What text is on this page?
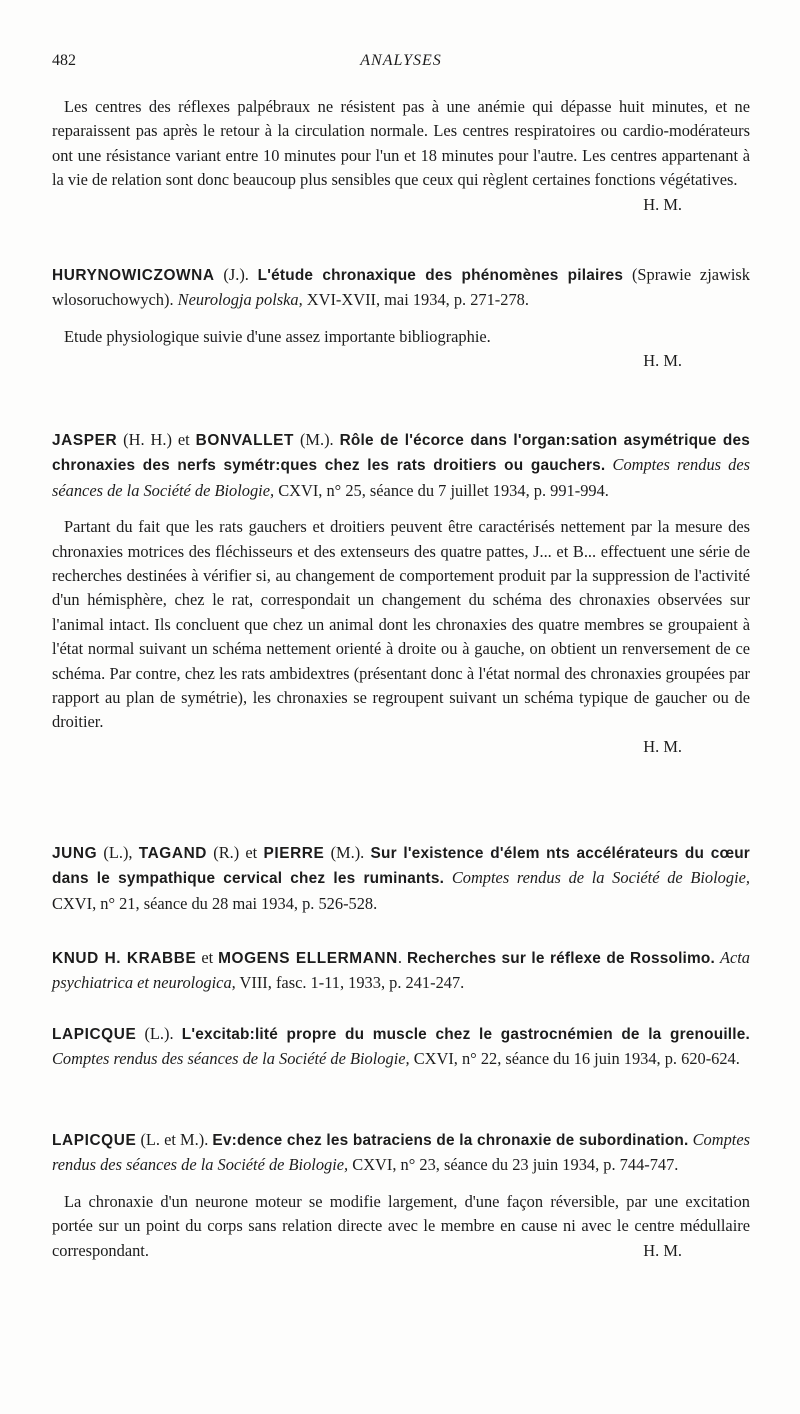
482	ANALYSES

Les centres des réflexes palpébraux ne résistent pas à une anémie qui dépasse huit minutes, et ne reparaissent pas après le retour à la circulation normale. Les centres respiratoires ou cardio-modérateurs ont une résistance variant entre 10 minutes pour l'un et 18 minutes pour l'autre. Les centres appartenant à la vie de relation sont donc beaucoup plus sensibles que ceux qui règlent certaines fonctions végétatives.

H. M.

HURYNOWICZOWNA (J.). L'étude chronaxique des phénomènes pilaires (Sprawie zjawisk wlosoruchowych). Neurologja polska, XVI-XVII, mai 1934, p. 271-278.

Etude physiologique suivie d'une assez importante bibliographie.

H. M.

JASPER (H. H.) et BONVALLET (M.). Rôle de l'écorce dans l'organ:sation asymétrique des chronaxies des nerfs symétr:ques chez les rats droitiers ou gauchers. Comptes rendus des séances de la Société de Biologie, CXVI, n° 25, séance du 7 juillet 1934, p. 991-994.

Partant du fait que les rats gauchers et droitiers peuvent être caractérisés nettement par la mesure des chronaxies motrices des fléchisseurs et des extenseurs des quatre pattes, J... et B... effectuent une série de recherches destinées à vérifier si, au changement de comportement produit par la suppression de l'activité d'un hémisphère, chez le rat, correspondait un changement du schéma des chronaxies observées sur l'animal intact. Ils concluent que chez un animal dont les chronaxies des quatre membres se groupaient à l'état normal suivant un schéma nettement orienté à droite ou à gauche, on obtient un renversement de ce schéma. Par contre, chez les rats ambidextres (présentant donc à l'état normal des chronaxies groupées par rapport au plan de symétrie), les chronaxies se regroupent suivant un schéma typique de gaucher ou de droitier.

H. M.

JUNG (L.), TAGAND (R.) et PIERRE (M.). Sur l'existence d'élem nts accélérateurs du cœur dans le sympathique cervical chez les ruminants. Comptes rendus de la Société de Biologie, CXVI, n° 21, séance du 28 mai 1934, p. 526-528.

KNUD H. KRABBE et MOGENS ELLERMANN. Recherches sur le réflexe de Rossolimo. Acta psychiatrica et neurologica, VIII, fasc. 1-11, 1933, p. 241-247.

LAPICQUE (L.). L'excitab:lité propre du muscle chez le gastrocnémien de la grenouille. Comptes rendus des séances de la Société de Biologie, CXVI, n° 22, séance du 16 juin 1934, p. 620-624.

LAPICQUE (L. et M.). Ev:dence chez les batraciens de la chronaxie de subordination. Comptes rendus des séances de la Société de Biologie, CXVI, n° 23, séance du 23 juin 1934, p. 744-747.

La chronaxie d'un neurone moteur se modifie largement, d'une façon réversible, par une excitation portée sur un point du corps sans relation directe avec le membre en cause ni avec le centre médullaire correspondant.	H. M.
